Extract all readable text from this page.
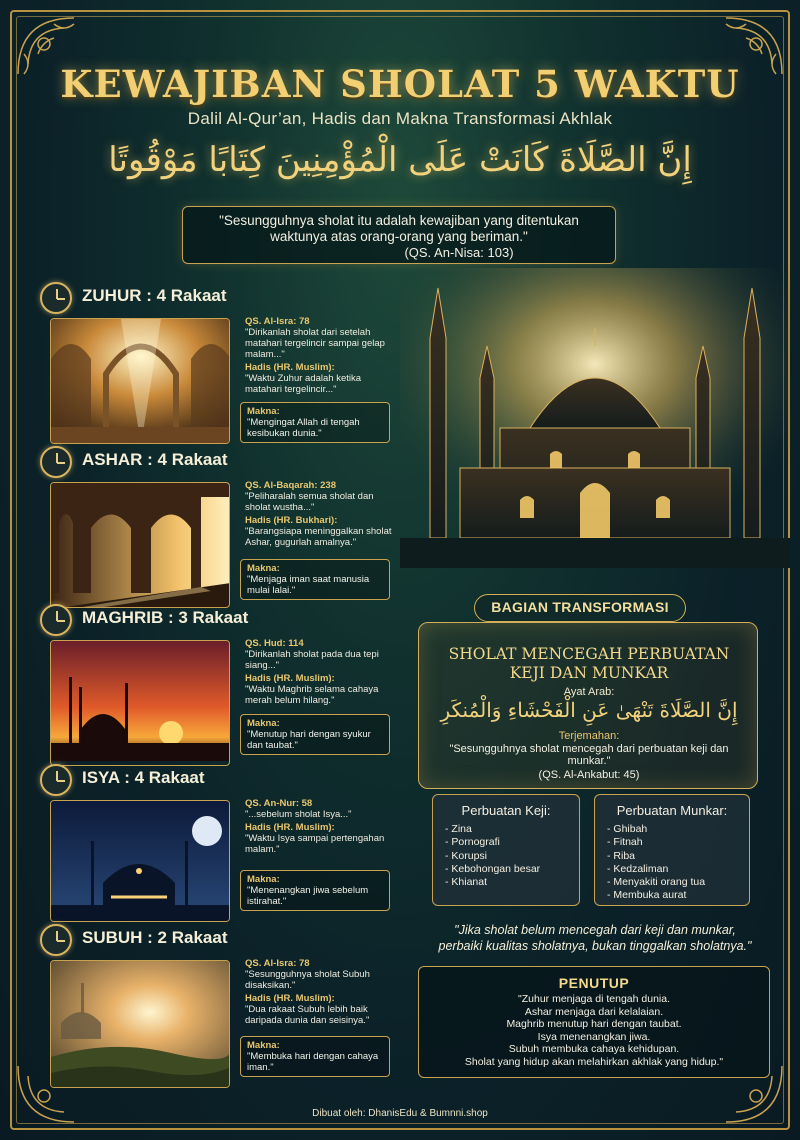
KEWAJIBAN SHOLAT 5 WAKTU
Dalil Al-Qur’an, Hadis dan Makna Transformasi Akhlak
إِنَّ الصَّلَاةَ كَانَتْ عَلَى الْمُؤْمِنِينَ كِتَابًا مَوْقُوتًا
"Sesungguhnya sholat itu adalah kewajiban yang ditentukan
waktunya atas orang-orang yang beriman."
(QS. An-Nisa: 103)
ZUHUR : 4 Rakaat
QS. Al-Isra: 78
"Dirikanlah sholat dari setelah matahari tergelincir sampai gelap malam..."
Hadis (HR. Muslim):
"Waktu Zuhur adalah ketika matahari tergelincir..."
Makna:
"Mengingat Allah di tengah kesibukan dunia."
ASHAR : 4 Rakaat
QS. Al-Baqarah: 238
"Peliharalah semua sholat dan sholat wustha..."
Hadis (HR. Bukhari):
"Barangsiapa meninggalkan sholat Ashar, gugurlah amalnya."
Makna:
"Menjaga iman saat manusia mulai lalai."
MAGHRIB : 3 Rakaat
QS. Hud: 114
"Dirikanlah sholat pada dua tepi siang..."
Hadis (HR. Muslim):
"Waktu Maghrib selama cahaya merah belum hilang."
Makna:
"Menutup hari dengan syukur dan taubat."
ISYA : 4 Rakaat
QS. An-Nur: 58
"...sebelum sholat Isya..."
Hadis (HR. Muslim):
"Waktu Isya sampai pertengahan malam."
Makna:
"Menenangkan jiwa sebelum istirahat."
SUBUH : 2 Rakaat
QS. Al-Isra: 78
"Sesungguhnya sholat Subuh disaksikan."
Hadis (HR. Muslim):
"Dua rakaat Subuh lebih baik daripada dunia dan seisinya."
Makna:
"Membuka hari dengan cahaya iman."
BAGIAN TRANSFORMASI
SHOLAT MENCEGAH PERBUATAN
KEJI DAN MUNKAR
Ayat Arab:
إِنَّ الصَّلَاةَ تَنْهَىٰ عَنِ الْفَحْشَاءِ وَالْمُنكَرِ
Terjemahan:
"Sesungguhnya sholat mencegah dari perbuatan keji dan munkar."
(QS. Al-Ankabut: 45)
Perbuatan Keji:
- Zina
- Pornografi
- Korupsi
- Kebohongan besar
- Khianat
Perbuatan Munkar:
- Ghibah
- Fitnah
- Riba
- Kedzaliman
- Menyakiti orang tua
- Membuka aurat
"Jika sholat belum mencegah dari keji dan munkar,
perbaiki kualitas sholatnya, bukan tinggalkan sholatnya."
PENUTUP
"Zuhur menjaga di tengah dunia.
Ashar menjaga dari kelalaian.
Maghrib menutup hari dengan taubat.
Isya menenangkan jiwa.
Subuh membuka cahaya kehidupan.
Sholat yang hidup akan melahirkan akhlak yang hidup."
Dibuat oleh: DhanisEdu & Bumnni.shop
